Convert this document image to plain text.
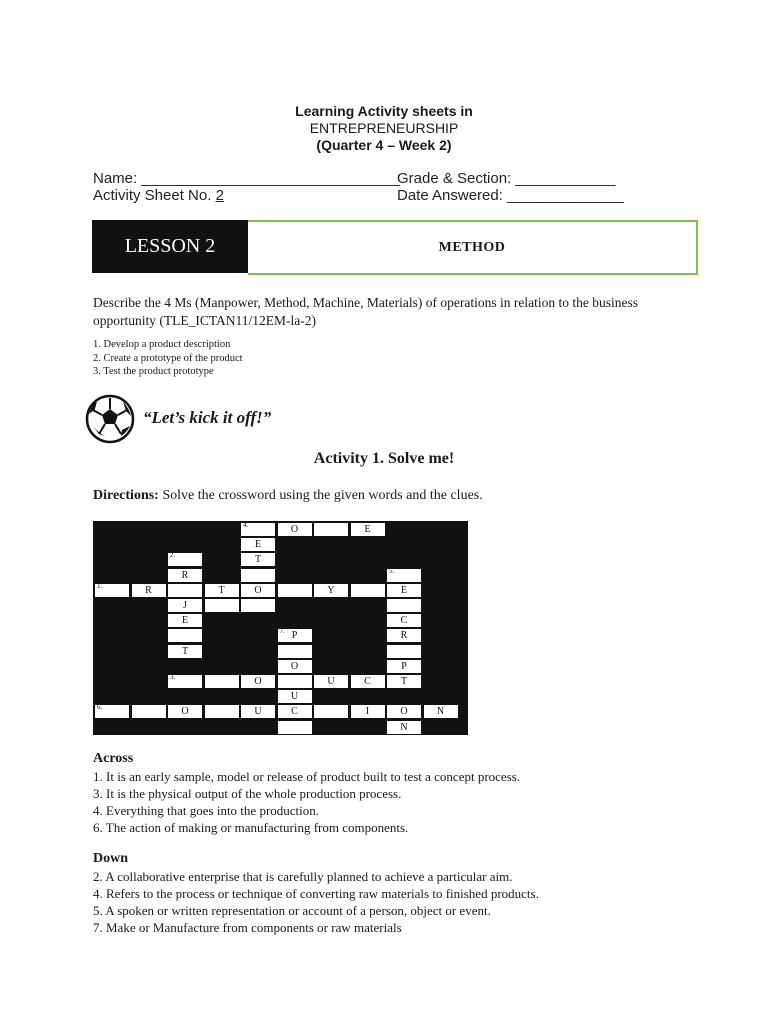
Learning Activity sheets in
ENTREPRENEURSHIP
(Quarter 4 – Week 2)
Name: _______________________________
Grade & Section: ____________
Activity Sheet No. 2	Date Answered: ______________
LESSON 2	METHOD
Describe the 4 Ms (Manpower, Method, Machine, Materials) of operations in relation to the business opportunity (TLE_ICTAN11/12EM-la-2)
1. Develop a product description
2. Create a prototype of the product
3. Test the product prototype
“Let’s kick it off!”
Activity 1. Solve me!
Directions: Solve the crossword using the given words and the clues.
4.	O	E
E
2.	T
R	5.
1.	R	T	O	Y	E
J
E	C
7. P	R
T
O	P
3.	O	U	C	T
U
6.	O	U	C	I	O	N
N
Across
1. It is an early sample, model or release of product built to test a concept process.
3. It is the physical output of the whole production process.
4. Everything that goes into the production.
6. The action of making or manufacturing from components.
Down
2. A collaborative enterprise that is carefully planned to achieve a particular aim.
4. Refers to the process or technique of converting raw materials to finished products.
5. A spoken or written representation or account of a person, object or event.
7. Make or Manufacture from components or raw materials
